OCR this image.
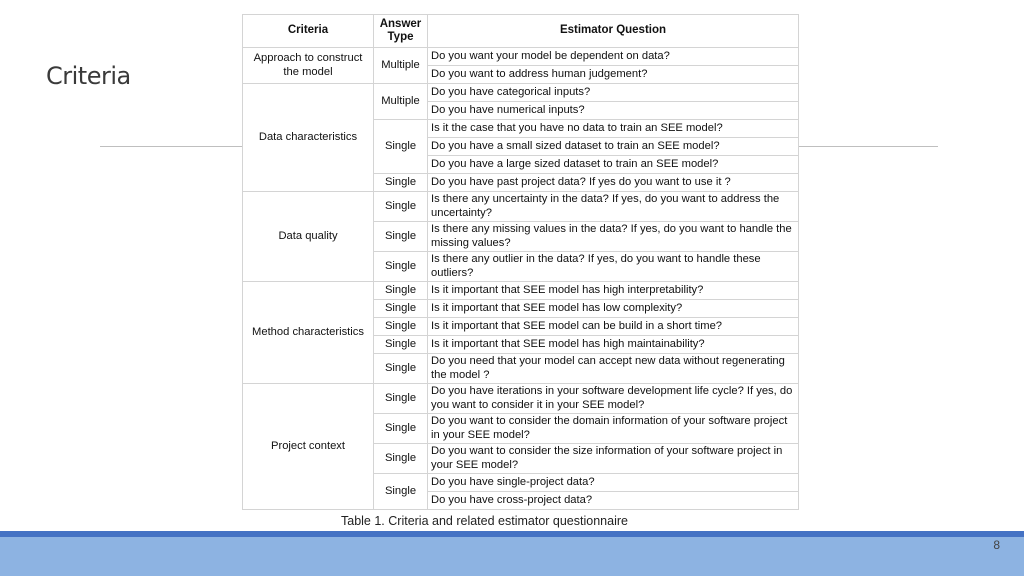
Criteria
Criteria	Answer Type	Estimator Question
Approach to construct the model	Multiple	Do you want your model be dependent on data?
		Do you want to address human judgement?
Data characteristics	Multiple	Do you have categorical inputs?
		Do you have numerical inputs?
	Single	Is it the case that you have no data to train an SEE model?
		Do you have a small sized dataset to train an SEE model?
		Do you have a large sized dataset to train an SEE model?
	Single	Do you have past project data? If yes do you want to use it ?
Data quality	Single	Is there any uncertainty in the data? If yes, do you want to address the uncertainty?
	Single	Is there any missing values in the data? If yes, do you want to handle the missing values?
	Single	Is there any outlier in the data? If yes, do you want to handle these outliers?
Method characteristics	Single	Is it important that SEE model has high interpretability?
	Single	Is it important that SEE model has low complexity?
	Single	Is it important that SEE model can be build in a short time?
	Single	Is it important that SEE model has high maintainability?
	Single	Do you need that your model can accept new data without regenerating the model ?
Project context	Single	Do you have iterations in your software development life cycle? If yes, do you want to consider it in your SEE model?
	Single	Do you want to consider the domain information of your software project in your SEE model?
	Single	Do you want to consider the size information of your software project in your SEE model?
	Single	Do you have single-project data?
		Do you have cross-project data?
Table 1. Criteria and related estimator questionnaire
8
